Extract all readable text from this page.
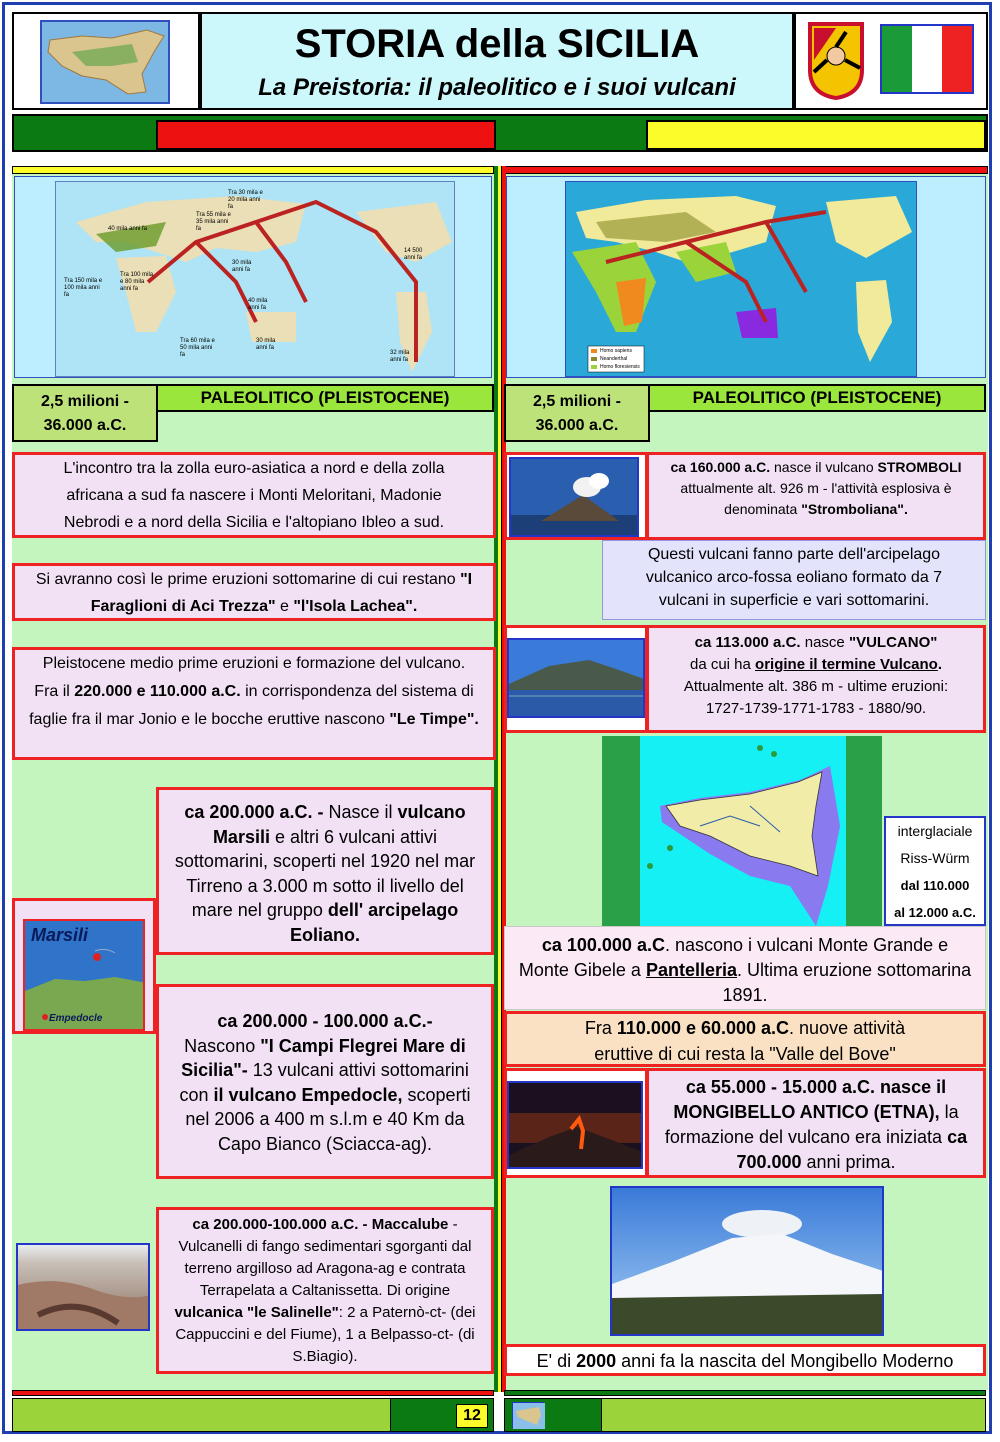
STORIA della SICILIA
La Preistoria: il paleolitico e i suoi vulcani
Tra 30 mila e 20 mila anni fa
Tra 55 mila e 35 mila anni fa
40 mila anni fa
30 mila anni fa
14 500 anni fa
Tra 150 mila e 100 mila anni fa
Tra 100 mila e 80 mila anni fa
40 mila anni fa
Tra 60 mila e 50 mila anni fa
30 mila anni fa
32 mila anni fa
2,5 milioni - 36.000 a.C.
PALEOLITICO (PLEISTOCENE)
L'incontro tra la zolla euro-asiatica a nord e della zolla africana a sud fa nascere i Monti Meloritani, Madonie Nebrodi e a nord della Sicilia e l'altopiano Ibleo a sud.
Si avranno così le prime eruzioni sottomarine di cui restano "I Faraglioni di Aci Trezza" e "l'Isola Lachea".
Pleistocene medio prime eruzioni e formazione del vulcano. Fra il 220.000 e 110.000 a.C. in corrispondenza del sistema di faglie fra il mar Jonio e le bocche eruttive nascono "Le Timpe".
ca 200.000 a.C. - Nasce il vulcano Marsili e altri 6 vulcani attivi sottomarini, scoperti nel 1920 nel mar Tirreno a 3.000 m sotto il livello del mare nel gruppo dell' arcipelago Eoliano.
Marsili
Empedocle	ca 200.000 - 100.000 a.C.-
Nascono "I Campi Flegrei Mare di Sicilia"- 13 vulcani attivi sottomarini con il vulcano Empedocle, scoperti nel 2006 a 400 m s.l.m e 40 Km da Capo Bianco (Sciacca-ag).
ca 200.000-100.000 a.C. - Maccalube - Vulcanelli di fango sedimentari sgorganti dal terreno argilloso ad Aragona-ag e contrata Terrapelata a Caltanissetta. Di origine vulcanica "le Salinelle": 2 a Paternò-ct- (dei Cappuccini e del Fiume), 1 a Belpasso-ct- (di S.Biagio).
Homo sapiens
Neanderthal
Homo floresiensis
2,5 milioni - 36.000 a.C.
PALEOLITICO (PLEISTOCENE)
ca 160.000 a.C. nasce il vulcano STROMBOLI attualmente alt. 926 m - l'attività esplosiva è denominata "Stromboliana".
Questi vulcani fanno parte dell'arcipelago vulcanico arco-fossa eoliano formato da 7 vulcani in superficie e vari sottomarini.
ca 113.000 a.C. nasce "VULCANO"
da cui ha origine il termine Vulcano.
Attualmente alt. 386 m - ultime eruzioni:
1727-1739-1771-1783 - 1880/90.
interglaciale
Riss-Würm
dal 110.000
al 12.000 a.C.
ca 100.000 a.C. nascono i vulcani Monte Grande e Monte Gibele a Pantelleria. Ultima eruzione sottomarina 1891.
Fra 110.000 e 60.000 a.C. nuove attività eruttive di cui resta la "Valle del Bove"
ca 55.000 - 15.000 a.C. nasce il MONGIBELLO ANTICO (ETNA), la formazione del vulcano era iniziata ca 700.000 anni prima.
E' di 2000 anni fa la nascita del Mongibello Moderno
12
